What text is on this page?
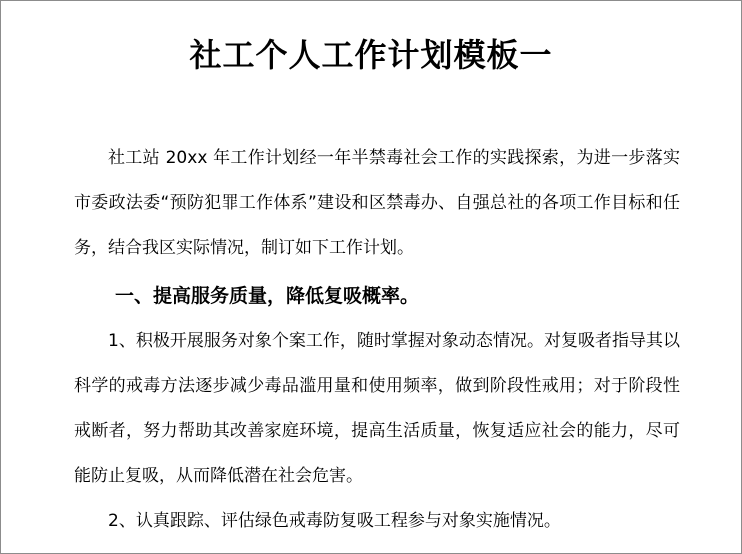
社工个人工作计划模板一

社工站 20xx 年工作计划经一年半禁毒社会工作的实践探索，为进一步落实市委政法委“预防犯罪工作体系”建设和区禁毒办、自强总社的各项工作目标和任务，结合我区实际情况，制订如下工作计划。

一、提高服务质量，降低复吸概率。

1、积极开展服务对象个案工作，随时掌握对象动态情况。对复吸者指导其以科学的戒毒方法逐步减少毒品滥用量和使用频率，做到阶段性戒用；对于阶段性戒断者，努力帮助其改善家庭环境，提高生活质量，恢复适应社会的能力，尽可能防止复吸，从而降低潜在社会危害。

2、认真跟踪、评估绿色戒毒防复吸工程参与对象实施情况。
